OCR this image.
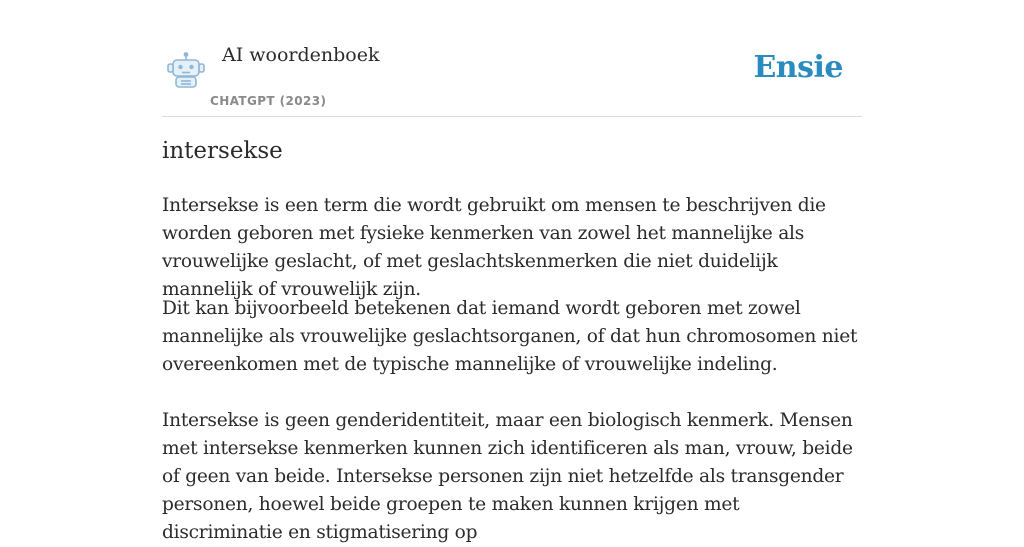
AI woordenboek
CHATGPT (2023)
Ensie
intersekse

Intersekse is een term die wordt gebruikt om mensen te beschrijven die worden geboren met fysieke kenmerken van zowel het mannelijke als vrouwelijke geslacht, of met geslachtskenmerken die niet duidelijk mannelijk of vrouwelijk zijn.

Dit kan bijvoorbeeld betekenen dat iemand wordt geboren met zowel mannelijke als vrouwelijke geslachtsorganen, of dat hun chromosomen niet overeenkomen met de typische mannelijke of vrouwelijke indeling.

Intersekse is geen genderidentiteit, maar een biologisch kenmerk. Mensen met intersekse kenmerken kunnen zich identificeren als man, vrouw, beide of geen van beide. Intersekse personen zijn niet hetzelfde als transgender personen, hoewel beide groepen te maken kunnen krijgen met discriminatie en stigmatisering op
